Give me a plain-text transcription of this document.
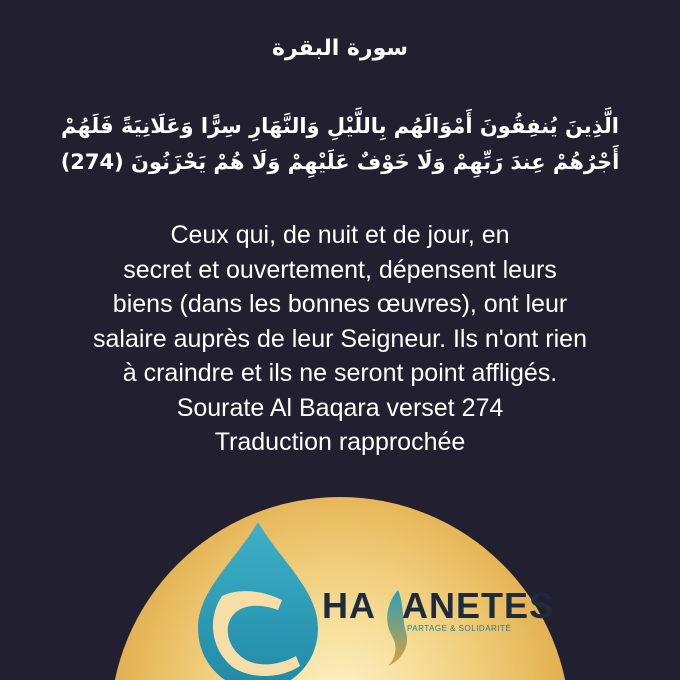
سورة البقرة
الَّذِينَ يُنفِقُونَ أَمْوَالَهُم بِاللَّيْلِ وَالنَّهَارِ سِرًّا وَعَلَانِيَةً فَلَهُمْ أَجْرُهُمْ عِندَ رَبِّهِمْ وَلَا خَوْفٌ عَلَيْهِمْ وَلَا هُمْ يَحْزَنُونَ (274)
Ceux qui, de nuit et de jour, en
secret et ouvertement, dépensent leurs
biens (dans les bonnes œuvres), ont leur
salaire auprès de leur Seigneur. Ils n'ont rien
à craindre et ils ne seront point affligés.
Sourate Al Baqara verset 274
Traduction rapprochée
HA ANETES
PARTAGE & SOLIDARITÉ
